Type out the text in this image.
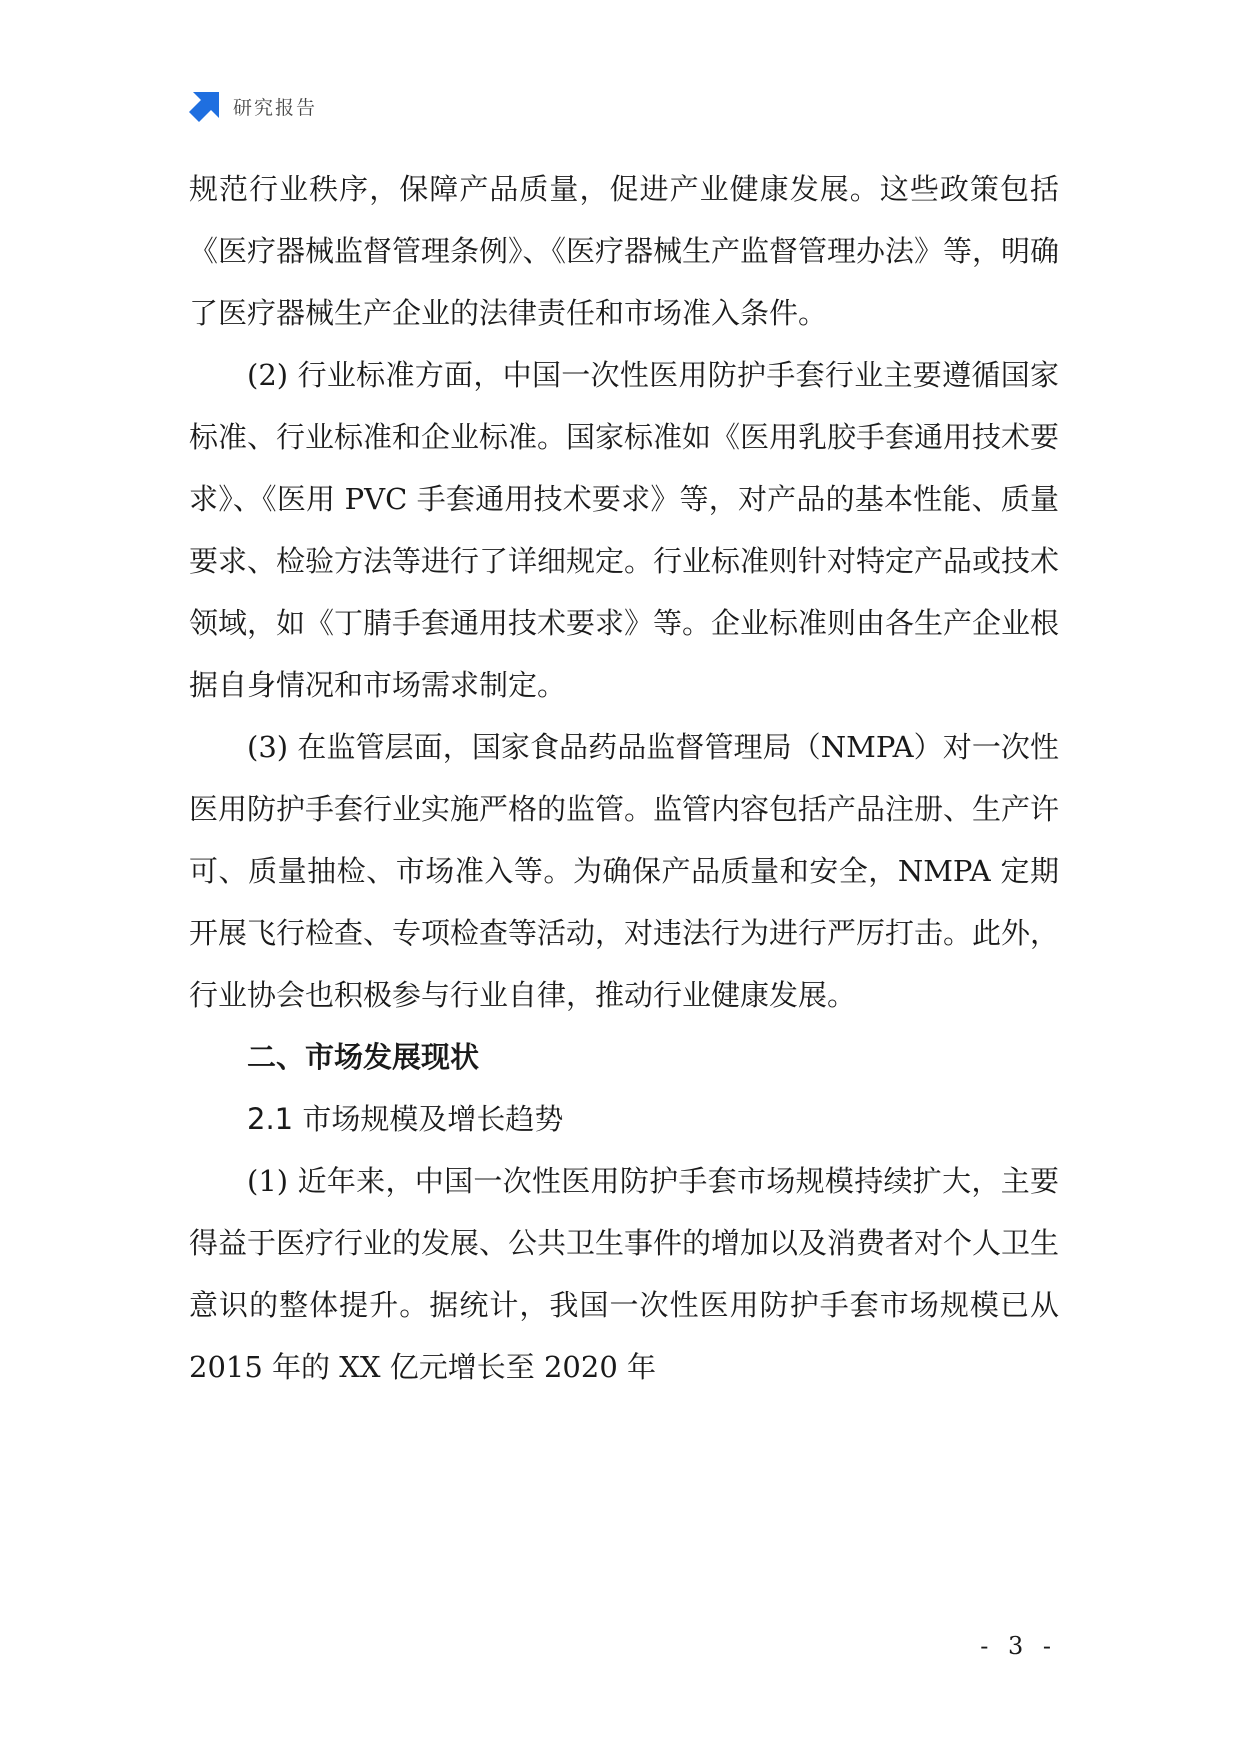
研究报告

规范行业秩序，保障产品质量，促进产业健康发展。这些政策包括《医疗器械监督管理条例》、《医疗器械生产监督管理办法》等，明确了医疗器械生产企业的法律责任和市场准入条件。

(2) 行业标准方面，中国一次性医用防护手套行业主要遵循国家标准、行业标准和企业标准。国家标准如《医用乳胶手套通用技术要求》、《医用 PVC 手套通用技术要求》等，对产品的基本性能、质量要求、检验方法等进行了详细规定。行业标准则针对特定产品或技术领域，如《丁腈手套通用技术要求》等。企业标准则由各生产企业根据自身情况和市场需求制定。

(3) 在监管层面，国家食品药品监督管理局（NMPA）对一次性医用防护手套行业实施严格的监管。监管内容包括产品注册、生产许可、质量抽检、市场准入等。为确保产品质量和安全，NMPA 定期开展飞行检查、专项检查等活动，对违法行为进行严厉打击。此外，行业协会也积极参与行业自律，推动行业健康发展。

二、市场发展现状

2.1 市场规模及增长趋势

(1) 近年来，中国一次性医用防护手套市场规模持续扩大，主要得益于医疗行业的发展、公共卫生事件的增加以及消费者对个人卫生意识的整体提升。据统计，我国一次性医用防护手套市场规模已从 2015 年的 XX 亿元增长至 2020 年

- 3 -
